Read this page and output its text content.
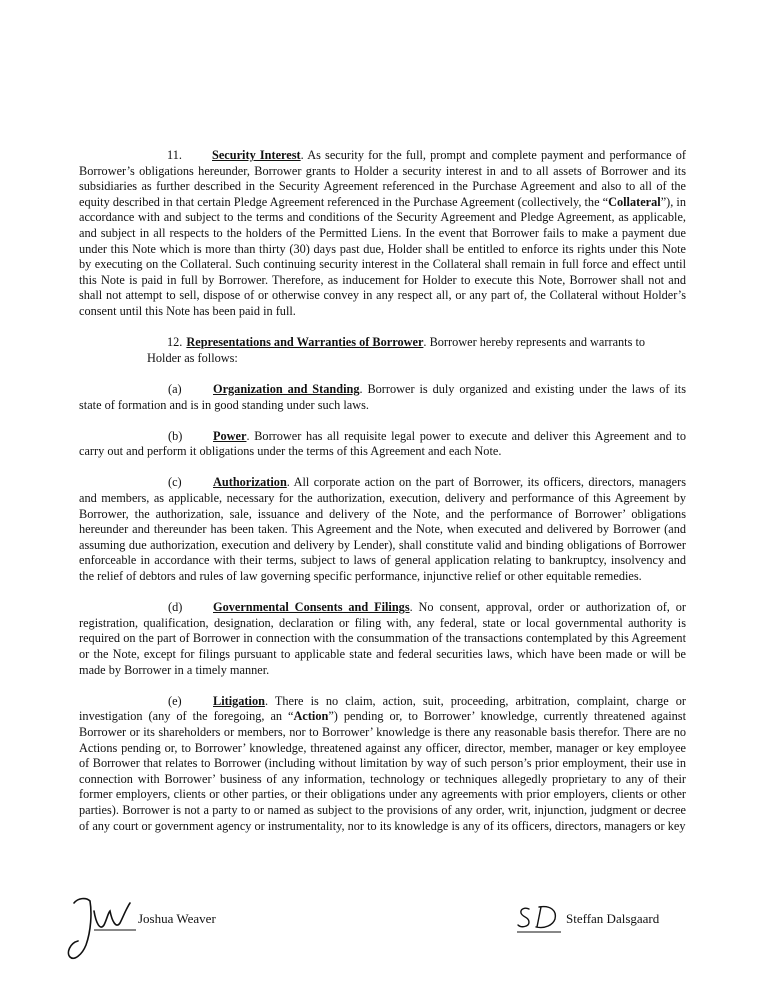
11. Security Interest. As security for the full, prompt and complete payment and performance of Borrower’s obligations hereunder, Borrower grants to Holder a security interest in and to all assets of Borrower and its subsidiaries as further described in the Security Agreement referenced in the Purchase Agreement and also to all of the equity described in that certain Pledge Agreement referenced in the Purchase Agreement (collectively, the “Collateral”), in accordance with and subject to the terms and conditions of the Security Agreement and Pledge Agreement, as applicable, and subject in all respects to the holders of the Permitted Liens. In the event that Borrower fails to make a payment due under this Note which is more than thirty (30) days past due, Holder shall be entitled to enforce its rights under this Note by executing on the Collateral. Such continuing security interest in the Collateral shall remain in full force and effect until this Note is paid in full by Borrower. Therefore, as inducement for Holder to execute this Note, Borrower shall not and shall not attempt to sell, dispose of or otherwise convey in any respect all, or any part of, the Collateral without Holder’s consent until this Note has been paid in full.

12. Representations and Warranties of Borrower. Borrower hereby represents and warrants to

Holder as follows:

(a)	Organization and Standing. Borrower is duly organized and existing under the laws of its state of formation and is in good standing under such laws.

(b) Power. Borrower has all requisite legal power to execute and deliver this Agreement and to carry out and perform it obligations under the terms of this Agreement and each Note.

(c)	Authorization. All corporate action on the part of Borrower, its officers, directors, managers and members, as applicable, necessary for the authorization, execution, delivery and performance of this Agreement by Borrower, the authorization, sale, issuance and delivery of the Note, and the performance of Borrower’ obligations hereunder and thereunder has been taken. This Agreement and the Note, when executed and delivered by Borrower (and assuming due authorization, execution and delivery by Lender), shall constitute valid and binding obligations of Borrower enforceable in accordance with their terms, subject to laws of general application relating to bankruptcy, insolvency and the relief of debtors and rules of law governing specific performance, injunctive relief or other equitable remedies.

(d) Governmental Consents and Filings. No consent, approval, order or authorization of, or registration, qualification, designation, declaration or filing with, any federal, state or local governmental authority is required on the part of Borrower in connection with the consummation of the transactions contemplated by this Agreement or the Note, except for filings pursuant to applicable state and federal securities laws, which have been made or will be made by Borrower in a timely manner.

(e)	Litigation. There is no claim, action, suit, proceeding, arbitration, complaint, charge or investigation (any of the foregoing, an “Action”) pending or, to Borrower’ knowledge, currently threatened against Borrower or its shareholders or members, nor to Borrower’ knowledge is there any reasonable basis therefor. There are no Actions pending or, to Borrower’ knowledge, threatened against any officer, director, member, manager or key employee of Borrower that relates to Borrower (including without limitation by way of such person’s prior employment, their use in connection with Borrower’ business of any information, technology or techniques allegedly proprietary to any of their former employers, clients or other parties, or their obligations under any agreements with prior employers, clients or other parties). Borrower is not a party to or named as subject to the provisions of any order, writ, injunction, judgment or decree of any court or government agency or instrumentality, nor to its knowledge is any of its officers, directors, managers or key

Joshua Weaver	Steffan Dalsgaard
